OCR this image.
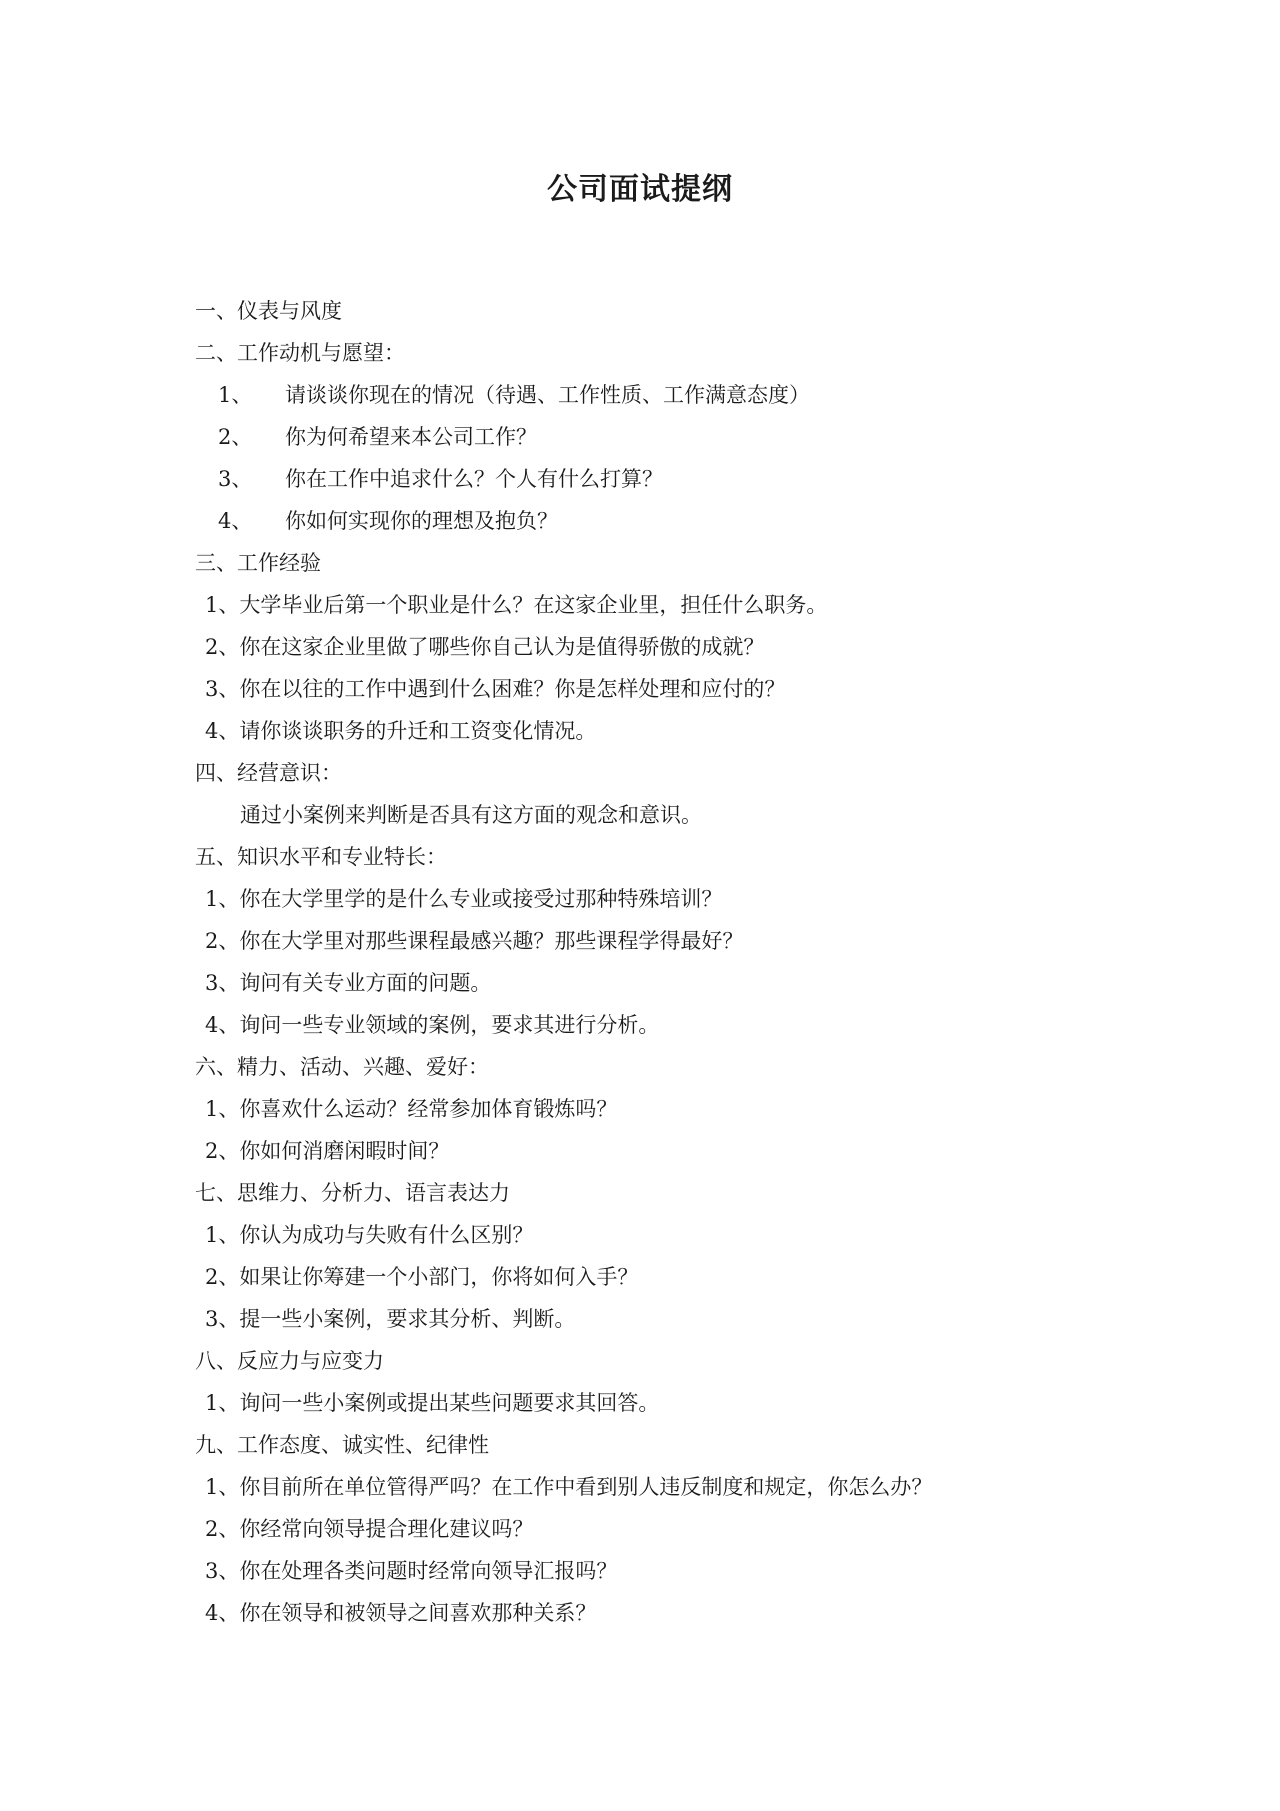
公司面试提纲
一、仪表与风度
二、工作动机与愿望：
1、 请谈谈你现在的情况（待遇、工作性质、工作满意态度）
2、 你为何希望来本公司工作？
3、 你在工作中追求什么？个人有什么打算？
4、 你如何实现你的理想及抱负？
三、工作经验
1、大学毕业后第一个职业是什么？在这家企业里，担任什么职务。
2、你在这家企业里做了哪些你自己认为是值得骄傲的成就？
3、你在以往的工作中遇到什么困难？你是怎样处理和应付的？
4、请你谈谈职务的升迁和工资变化情况。
四、经营意识：
通过小案例来判断是否具有这方面的观念和意识。
五、知识水平和专业特长：
1、你在大学里学的是什么专业或接受过那种特殊培训？
2、你在大学里对那些课程最感兴趣？那些课程学得最好？
3、询问有关专业方面的问题。
4、询问一些专业领域的案例，要求其进行分析。
六、精力、活动、兴趣、爱好：
1、你喜欢什么运动？经常参加体育锻炼吗？
2、你如何消磨闲暇时间？
七、思维力、分析力、语言表达力
1、你认为成功与失败有什么区别？
2、如果让你筹建一个小部门，你将如何入手？
3、提一些小案例，要求其分析、判断。
八、反应力与应变力
1、询问一些小案例或提出某些问题要求其回答。
九、工作态度、诚实性、纪律性
1、你目前所在单位管得严吗？在工作中看到别人违反制度和规定，你怎么办？
2、你经常向领导提合理化建议吗？
3、你在处理各类问题时经常向领导汇报吗？
4、你在领导和被领导之间喜欢那种关系？
